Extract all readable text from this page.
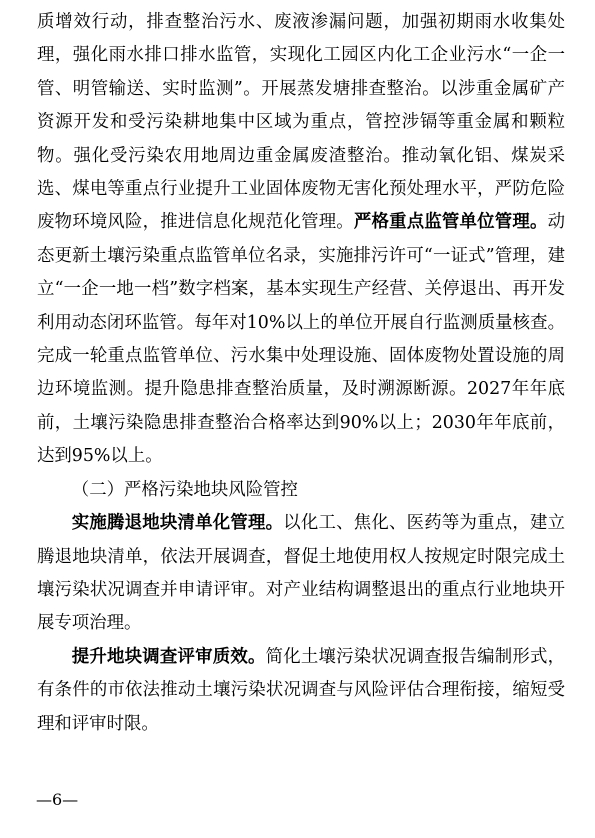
质增效行动，排查整治污水、废液渗漏问题，加强初期雨水收集处理，强化雨水排口排水监管，实现化工园区内化工企业污水“一企一管、明管输送、实时监测”。开展蒸发塘排查整治。以涉重金属矿产资源开发和受污染耕地集中区域为重点，管控涉镉等重金属和颗粒物。强化受污染农用地周边重金属废渣整治。推动氧化铝、煤炭采选、煤电等重点行业提升工业固体废物无害化预处理水平，严防危险废物环境风险，推进信息化规范化管理。严格重点监管单位管理。动态更新土壤污染重点监管单位名录，实施排污许可“一证式”管理，建立“一企一地一档”数字档案，基本实现生产经营、关停退出、再开发利用动态闭环监管。每年对10%以上的单位开展自行监测质量核查。完成一轮重点监管单位、污水集中处理设施、固体废物处置设施的周边环境监测。提升隐患排查整治质量，及时溯源断源。2027年年底前，土壤污染隐患排查整治合格率达到90%以上；2030年年底前，达到95%以上。

（二）严格污染地块风险管控

实施腾退地块清单化管理。以化工、焦化、医药等为重点，建立腾退地块清单，依法开展调查，督促土地使用权人按规定时限完成土壤污染状况调查并申请评审。对产业结构调整退出的重点行业地块开展专项治理。

提升地块调查评审质效。简化土壤污染状况调查报告编制形式，有条件的市依法推动土壤污染状况调查与风险评估合理衔接，缩短受理和评审时限。

—6—
